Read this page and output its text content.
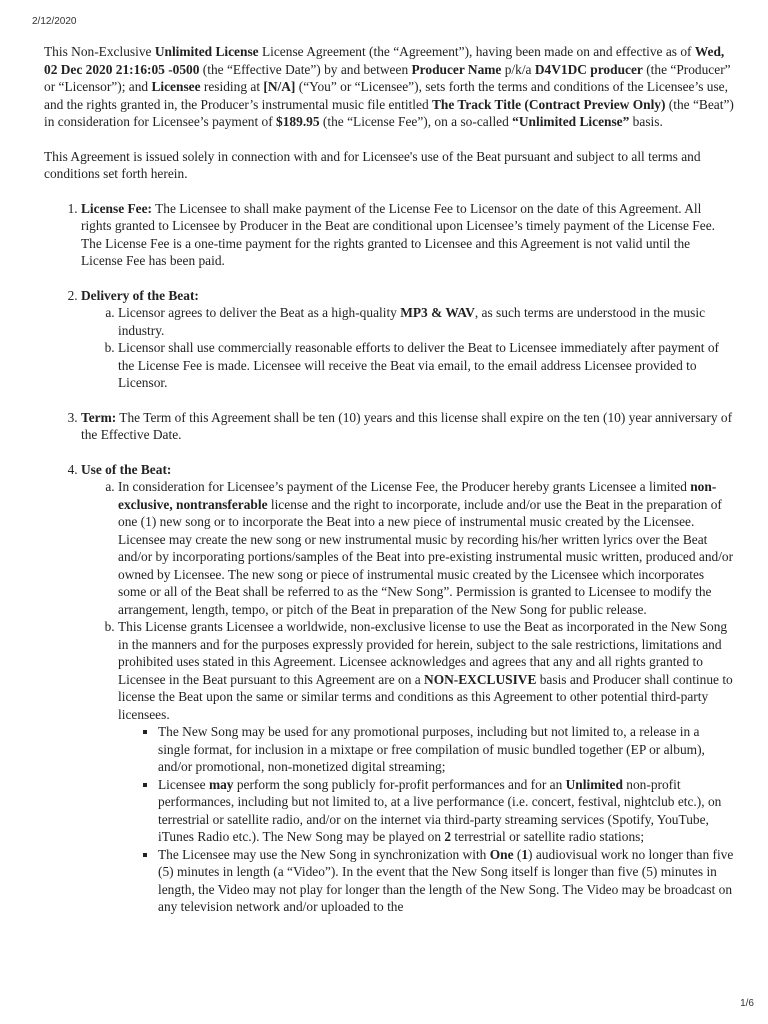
2/12/2020

This Non-Exclusive Unlimited License License Agreement (the “Agreement”), having been made on and effective as of Wed, 02 Dec 2020 21:16:05 -0500 (the “Effective Date”) by and between Producer Name p/k/a D4V1DC producer (the “Producer” or “Licensor”); and Licensee residing at [N/A] (“You” or “Licensee”), sets forth the terms and conditions of the Licensee’s use, and the rights granted in, the Producer’s instrumental music file entitled The Track Title (Contract Preview Only) (the “Beat”) in consideration for Licensee’s payment of $189.95 (the “License Fee”), on a so-called “Unlimited License” basis.

This Agreement is issued solely in connection with and for Licensee's use of the Beat pursuant and subject to all terms and conditions set forth herein.

1. License Fee: The Licensee to shall make payment of the License Fee to Licensor on the date of this Agreement. All rights granted to Licensee by Producer in the Beat are conditional upon Licensee’s timely payment of the License Fee. The License Fee is a one-time payment for the rights granted to Licensee and this Agreement is not valid until the License Fee has been paid.
2. Delivery of the Beat:
a. Licensor agrees to deliver the Beat as a high-quality MP3 & WAV, as such terms are understood in the music industry.
b. Licensor shall use commercially reasonable efforts to deliver the Beat to Licensee immediately after payment of the License Fee is made. Licensee will receive the Beat via email, to the email address Licensee provided to Licensor.
3. Term: The Term of this Agreement shall be ten (10) years and this license shall expire on the ten (10) year anniversary of the Effective Date.
4. Use of the Beat:
a. In consideration for Licensee’s payment of the License Fee, the Producer hereby grants Licensee a limited non-exclusive, nontransferable license and the right to incorporate, include and/or use the Beat in the preparation of one (1) new song or to incorporate the Beat into a new piece of instrumental music created by the Licensee. Licensee may create the new song or new instrumental music by recording his/her written lyrics over the Beat and/or by incorporating portions/samples of the Beat into pre-existing instrumental music written, produced and/or owned by Licensee. The new song or piece of instrumental music created by the Licensee which incorporates some or all of the Beat shall be referred to as the “New Song”. Permission is granted to Licensee to modify the arrangement, length, tempo, or pitch of the Beat in preparation of the New Song for public release.
b. This License grants Licensee a worldwide, non-exclusive license to use the Beat as incorporated in the New Song in the manners and for the purposes expressly provided for herein, subject to the sale restrictions, limitations and prohibited uses stated in this Agreement. Licensee acknowledges and agrees that any and all rights granted to Licensee in the Beat pursuant to this Agreement are on a NON-EXCLUSIVE basis and Producer shall continue to license the Beat upon the same or similar terms and conditions as this Agreement to other potential third-party licensees.
▪ The New Song may be used for any promotional purposes, including but not limited to, a release in a single format, for inclusion in a mixtape or free compilation of music bundled together (EP or album), and/or promotional, non-monetized digital streaming;
▪ Licensee may perform the song publicly for-profit performances and for an Unlimited non-profit performances, including but not limited to, at a live performance (i.e. concert, festival, nightclub etc.), on terrestrial or satellite radio, and/or on the internet via third-party streaming services (Spotify, YouTube, iTunes Radio etc.). The New Song may be played on 2 terrestrial or satellite radio stations;
▪ The Licensee may use the New Song in synchronization with One (1) audiovisual work no longer than five (5) minutes in length (a “Video”). In the event that the New Song itself is longer than five (5) minutes in length, the Video may not play for longer than the length of the New Song. The Video may be broadcast on any television network and/or uploaded to the
1/6
